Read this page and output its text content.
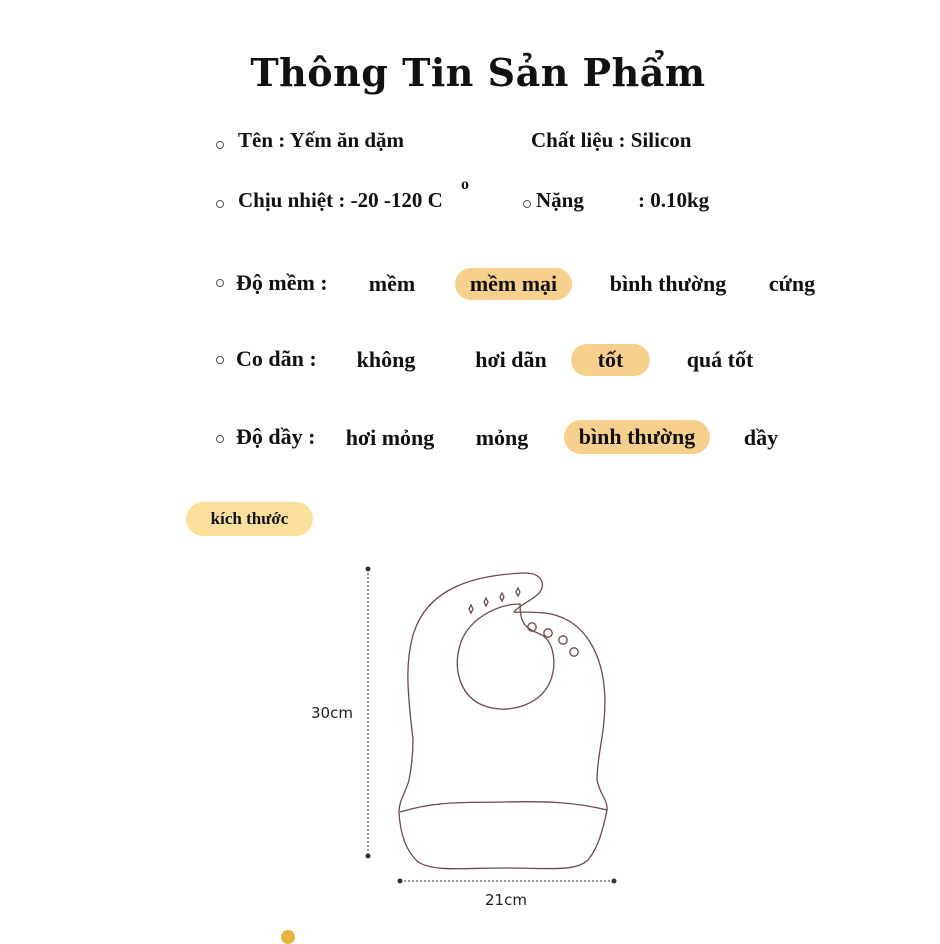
Thông Tin Sản Phẩm
Tên : Yếm ăn dặm	Chất liệu : Silicon
Chịu nhiệt : -20 -120 C
o
Nặng	: 0.10kg
Độ mềm :	mềm	mềm mại	bình thường	cứng
Co dãn :	không	hơi dãn	tốt	quá tốt
Độ dầy :	hơi mỏng	mỏng	bình thường	dầy
kích thước
30cm
21cm
